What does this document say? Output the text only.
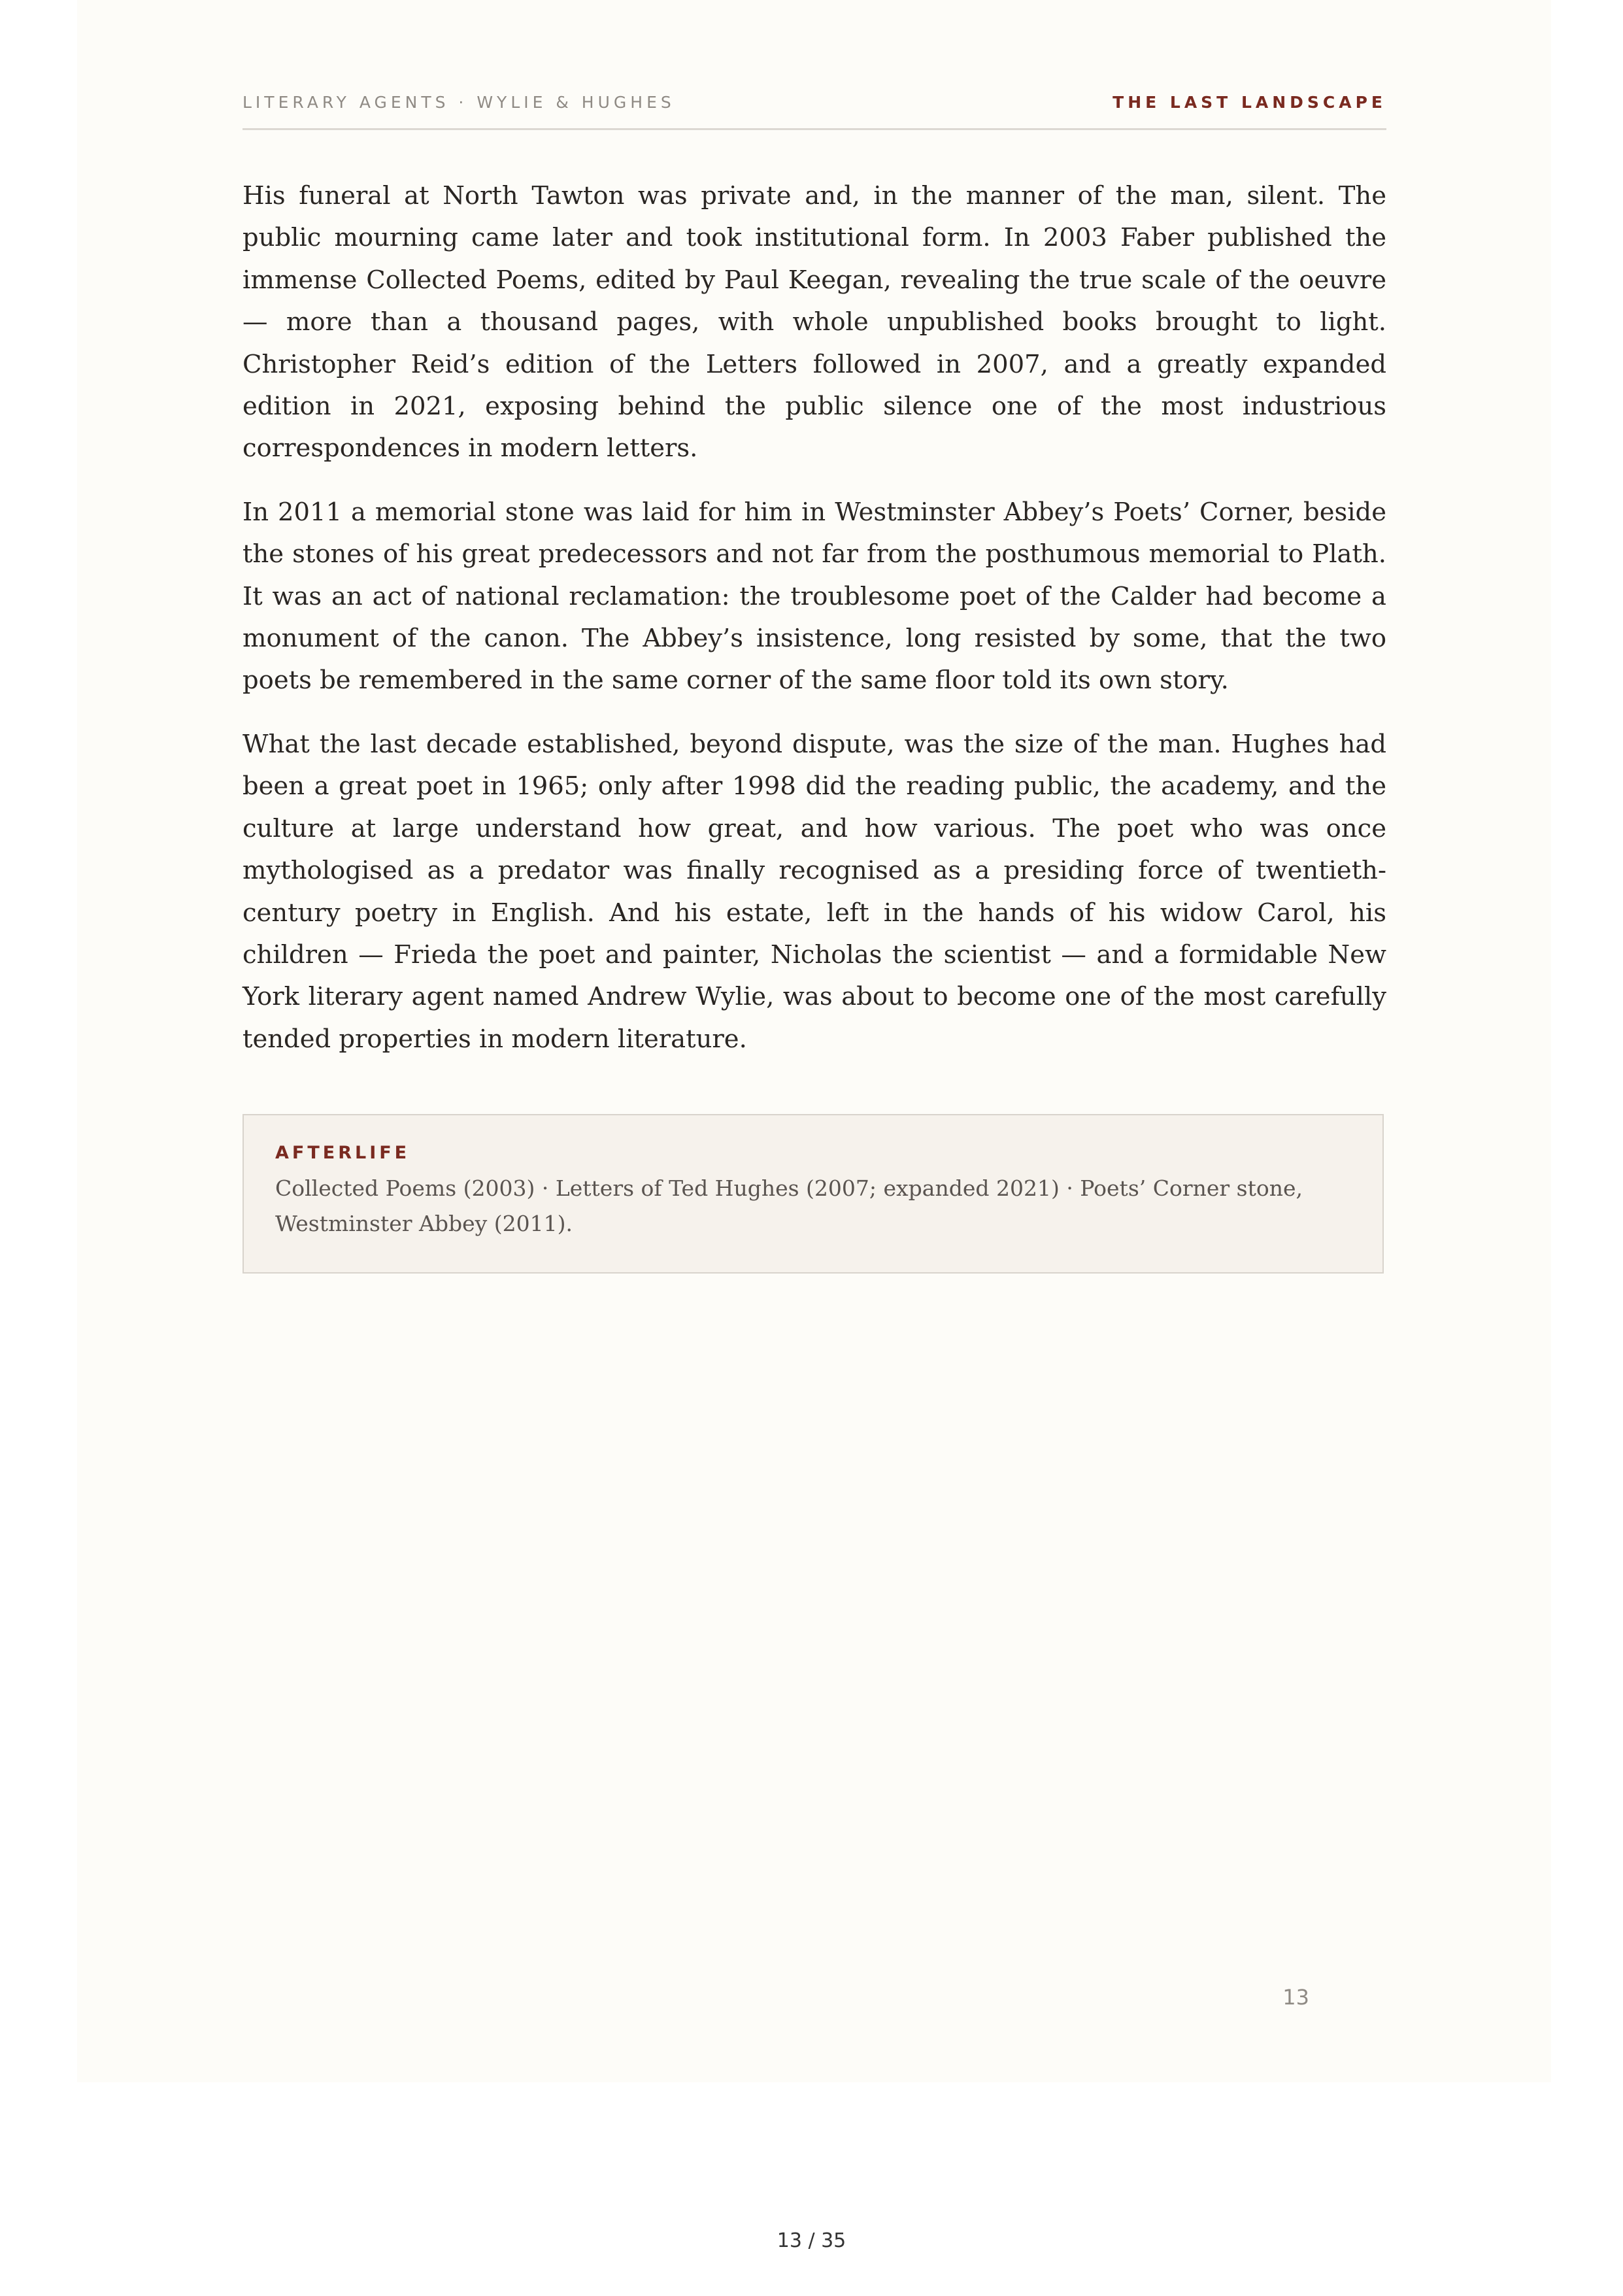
LITERARY AGENTS · WYLIE & HUGHES	THE LAST LANDSCAPE

His funeral at North Tawton was private and, in the manner of the man, silent. The public mourning came later and took institutional form. In 2003 Faber published the immense Collected Poems, edited by Paul Keegan, revealing the true scale of the oeuvre — more than a thousand pages, with whole unpublished books brought to light. Christopher Reid’s edition of the Letters followed in 2007, and a greatly expanded edition in 2021, exposing behind the public silence one of the most industrious correspondences in modern letters.

In 2011 a memorial stone was laid for him in Westminster Abbey’s Poets’ Corner, beside the stones of his great predecessors and not far from the posthumous memorial to Plath. It was an act of national reclamation: the troublesome poet of the Calder had become a monument of the canon. The Abbey’s insistence, long resisted by some, that the two poets be remembered in the same corner of the same floor told its own story.

What the last decade established, beyond dispute, was the size of the man. Hughes had been a great poet in 1965; only after 1998 did the reading public, the academy, and the culture at large understand how great, and how various. The poet who was once mythologised as a predator was finally recognised as a presiding force of twentieth-century poetry in English. And his estate, left in the hands of his widow Carol, his children — Frieda the poet and painter, Nicholas the scientist — and a formidable New York literary agent named Andrew Wylie, was about to become one of the most carefully tended properties in modern literature.

AFTERLIFE

Collected Poems (2003) · Letters of Ted Hughes (2007; expanded 2021) · Poets’ Corner stone, Westminster Abbey (2011).

13
13 / 35
